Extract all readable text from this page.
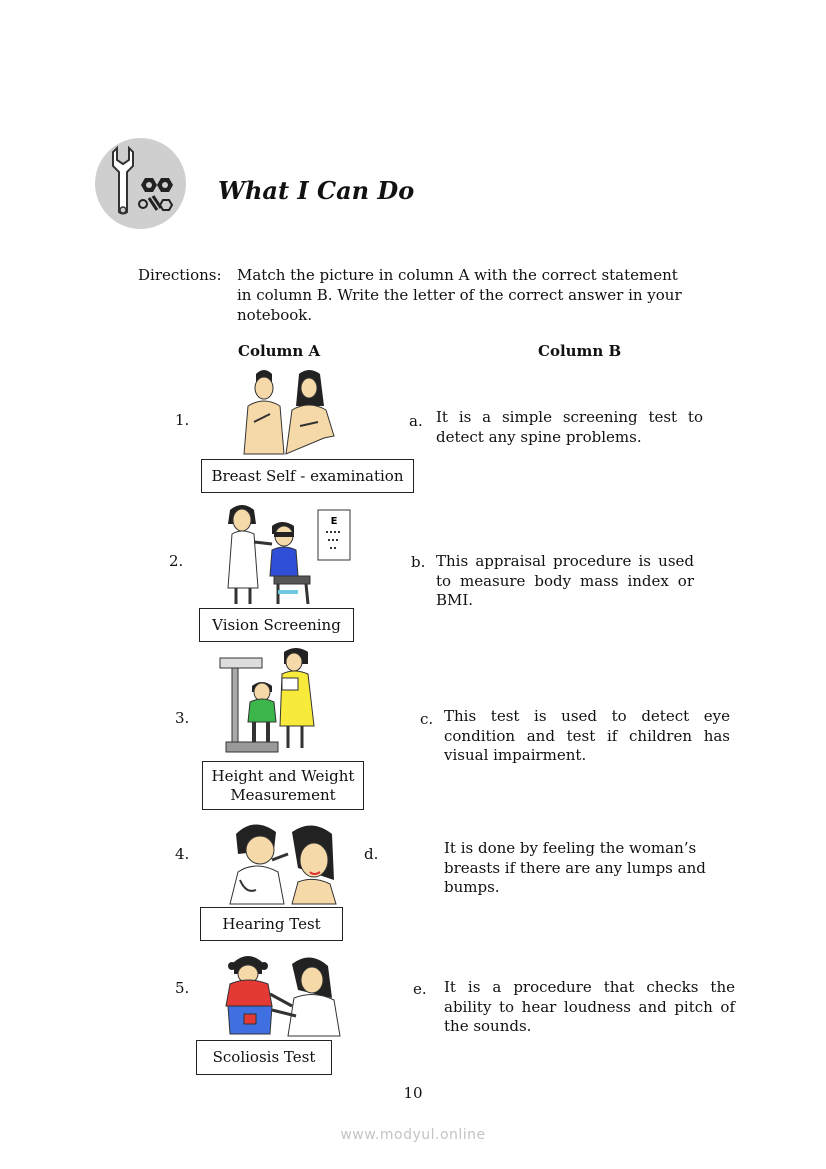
What I Can Do
Directions: Match the picture in column A with the correct statement in column B. Write the letter of the correct answer in your notebook.
Column A	Column B
1.
Breast Self - examination
2.
E
Vision Screening
3.
Height and Weight Measurement
4.
Hearing Test
5.
Scoliosis Test
a. It is a simple screening test to detect any spine problems.
b. This appraisal procedure is used to measure body mass index or BMI.
c. This test is used to detect eye condition and test if children has visual impairment.
d.	It is done by feeling the woman’s breasts if there are any lumps and bumps.
e. It is a procedure that checks the ability to hear loudness and pitch of the sounds.
10
www.modyul.online
